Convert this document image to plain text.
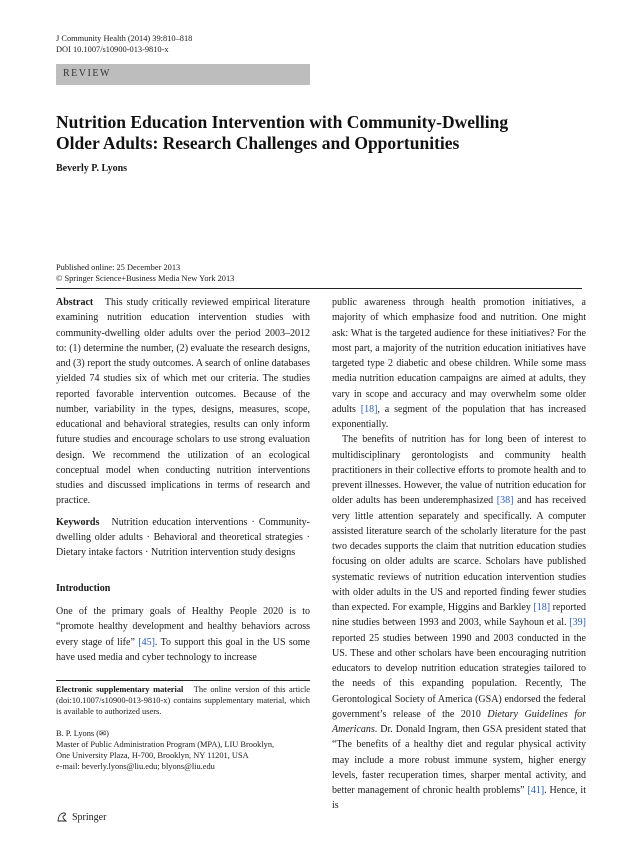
J Community Health (2014) 39:810–818
DOI 10.1007/s10900-013-9810-x
REVIEW
Nutrition Education Intervention with Community-Dwelling
Older Adults: Research Challenges and Opportunities
Beverly P. Lyons
Published online: 25 December 2013
© Springer Science+Business Media New York 2013

Abstract This study critically reviewed empirical literature examining nutrition education intervention studies with community-dwelling older adults over the period 2003–2012 to: (1) determine the number, (2) evaluate the research designs, and (3) report the study outcomes. A search of online databases yielded 74 studies six of which met our criteria. The studies reported favorable intervention outcomes. Because of the number, variability in the types, designs, measures, scope, educational and behavioral strategies, results can only inform future studies and encourage scholars to use strong evaluation design. We recommend the utilization of an ecological conceptual model when conducting nutrition interventions studies and discussed implications in terms of research and practice.

Keywords Nutrition education interventions · Community-dwelling older adults · Behavioral and theoretical strategies · Dietary intake factors · Nutrition intervention study designs

Introduction

One of the primary goals of Healthy People 2020 is to “promote healthy development and healthy behaviors across every stage of life” [45]. To support this goal in the US some have used media and cyber technology to increase

Electronic supplementary material The online version of this article (doi:10.1007/s10900-013-9810-x) contains supplementary material, which is available to authorized users.
B. P. Lyons (✉)
Master of Public Administration Program (MPA), LIU Brooklyn,
One University Plaza, H-700, Brooklyn, NY 11201, USA
e-mail: beverly.lyons@liu.edu; blyons@liu.edu
Springer

public awareness through health promotion initiatives, a majority of which emphasize food and nutrition. One might ask: What is the targeted audience for these initiatives? For the most part, a majority of the nutrition education initiatives have targeted type 2 diabetic and obese children. While some mass media nutrition education campaigns are aimed at adults, they vary in scope and accuracy and may overwhelm some older adults [18], a segment of the population that has increased exponentially.

The benefits of nutrition has for long been of interest to multidisciplinary gerontologists and community health practitioners in their collective efforts to promote health and to prevent illnesses. However, the value of nutrition education for older adults has been underemphasized [38] and has received very little attention separately and specifically. A computer assisted literature search of the scholarly literature for the past two decades supports the claim that nutrition education studies focusing on older adults are scarce. Scholars have published systematic reviews of nutrition education intervention studies with older adults in the US and reported finding fewer studies than expected. For example, Higgins and Barkley [18] reported nine studies between 1993 and 2003, while Sayhoun et al. [39] reported 25 studies between 1990 and 2003 conducted in the US. These and other scholars have been encouraging nutrition educators to develop nutrition education strategies tailored to the needs of this expanding population. Recently, The Gerontological Society of America (GSA) endorsed the federal government’s release of the 2010 Dietary Guidelines for Americans. Dr. Donald Ingram, then GSA president stated that “The benefits of a healthy diet and regular physical activity may include a more robust immune system, higher energy levels, faster recuperation times, sharper mental activity, and better management of chronic health problems” [41]. Hence, it is
